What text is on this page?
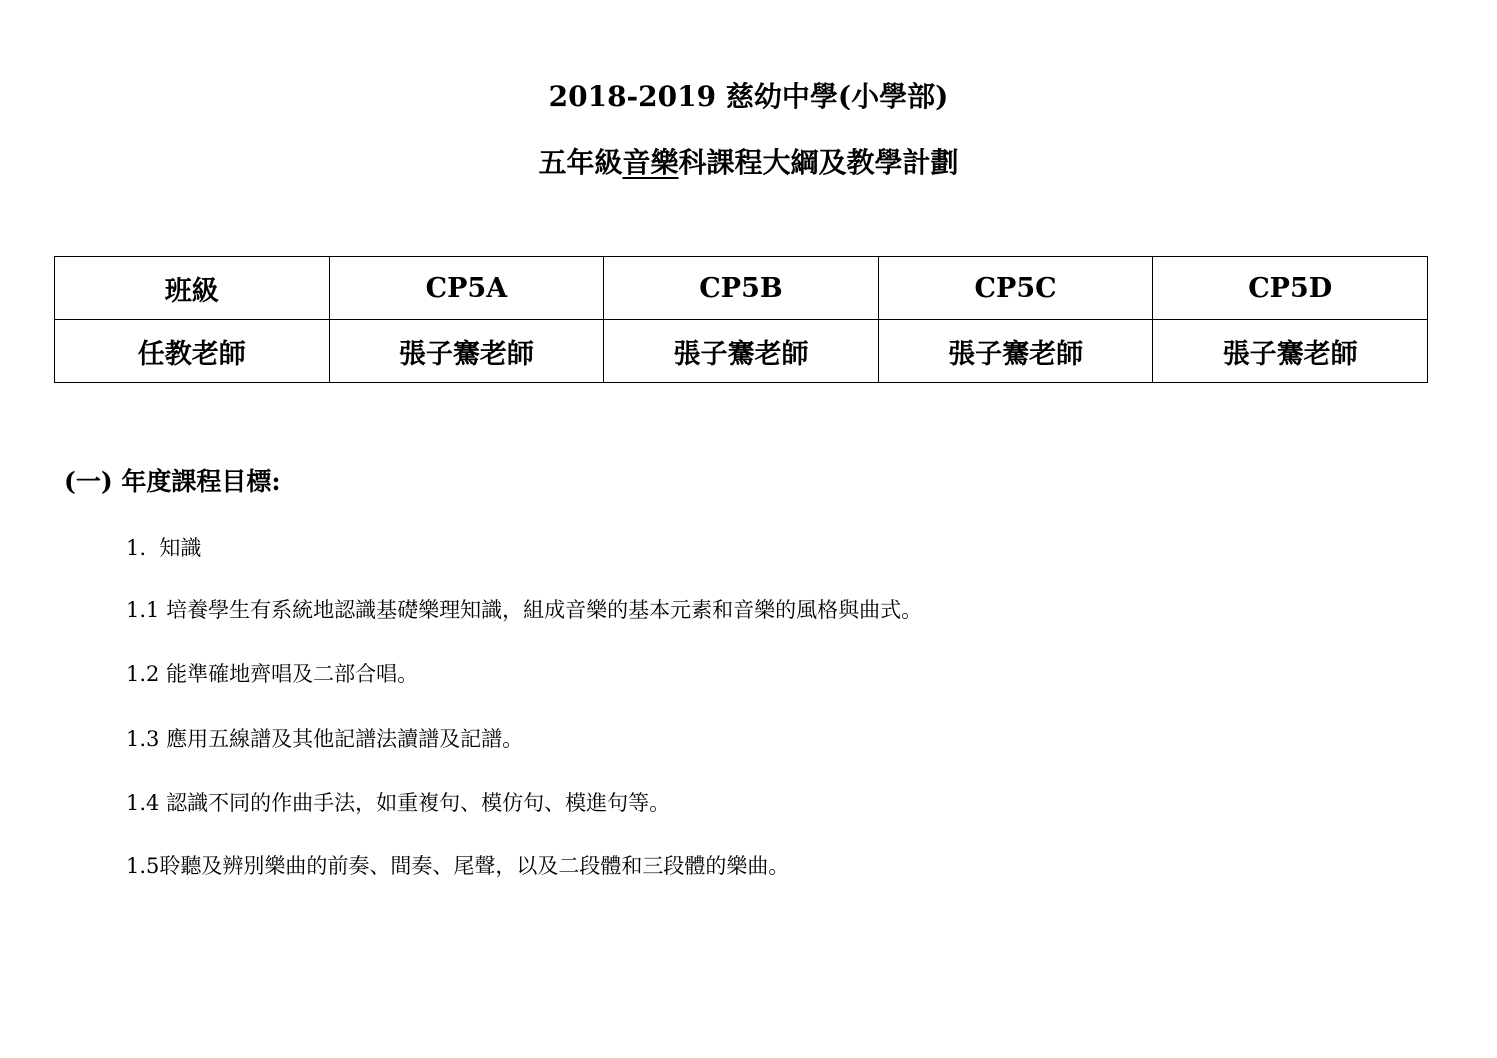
2018-2019 慈幼中學(小學部)
五年級音樂科課程大綱及教學計劃
班級	CP5A	CP5B	CP5C	CP5D
任教老師	張子騫老師	張子騫老師	張子騫老師	張子騫老師
(一) 年度課程目標:
1. 知識
1.1 培養學生有系統地認識基礎樂理知識，組成音樂的基本元素和音樂的風格與曲式。
1.2 能準確地齊唱及二部合唱。
1.3 應用五線譜及其他記譜法讀譜及記譜。
1.4 認識不同的作曲手法，如重複句、模仿句、模進句等。
1.5聆聽及辨別樂曲的前奏、間奏、尾聲，以及二段體和三段體的樂曲。
